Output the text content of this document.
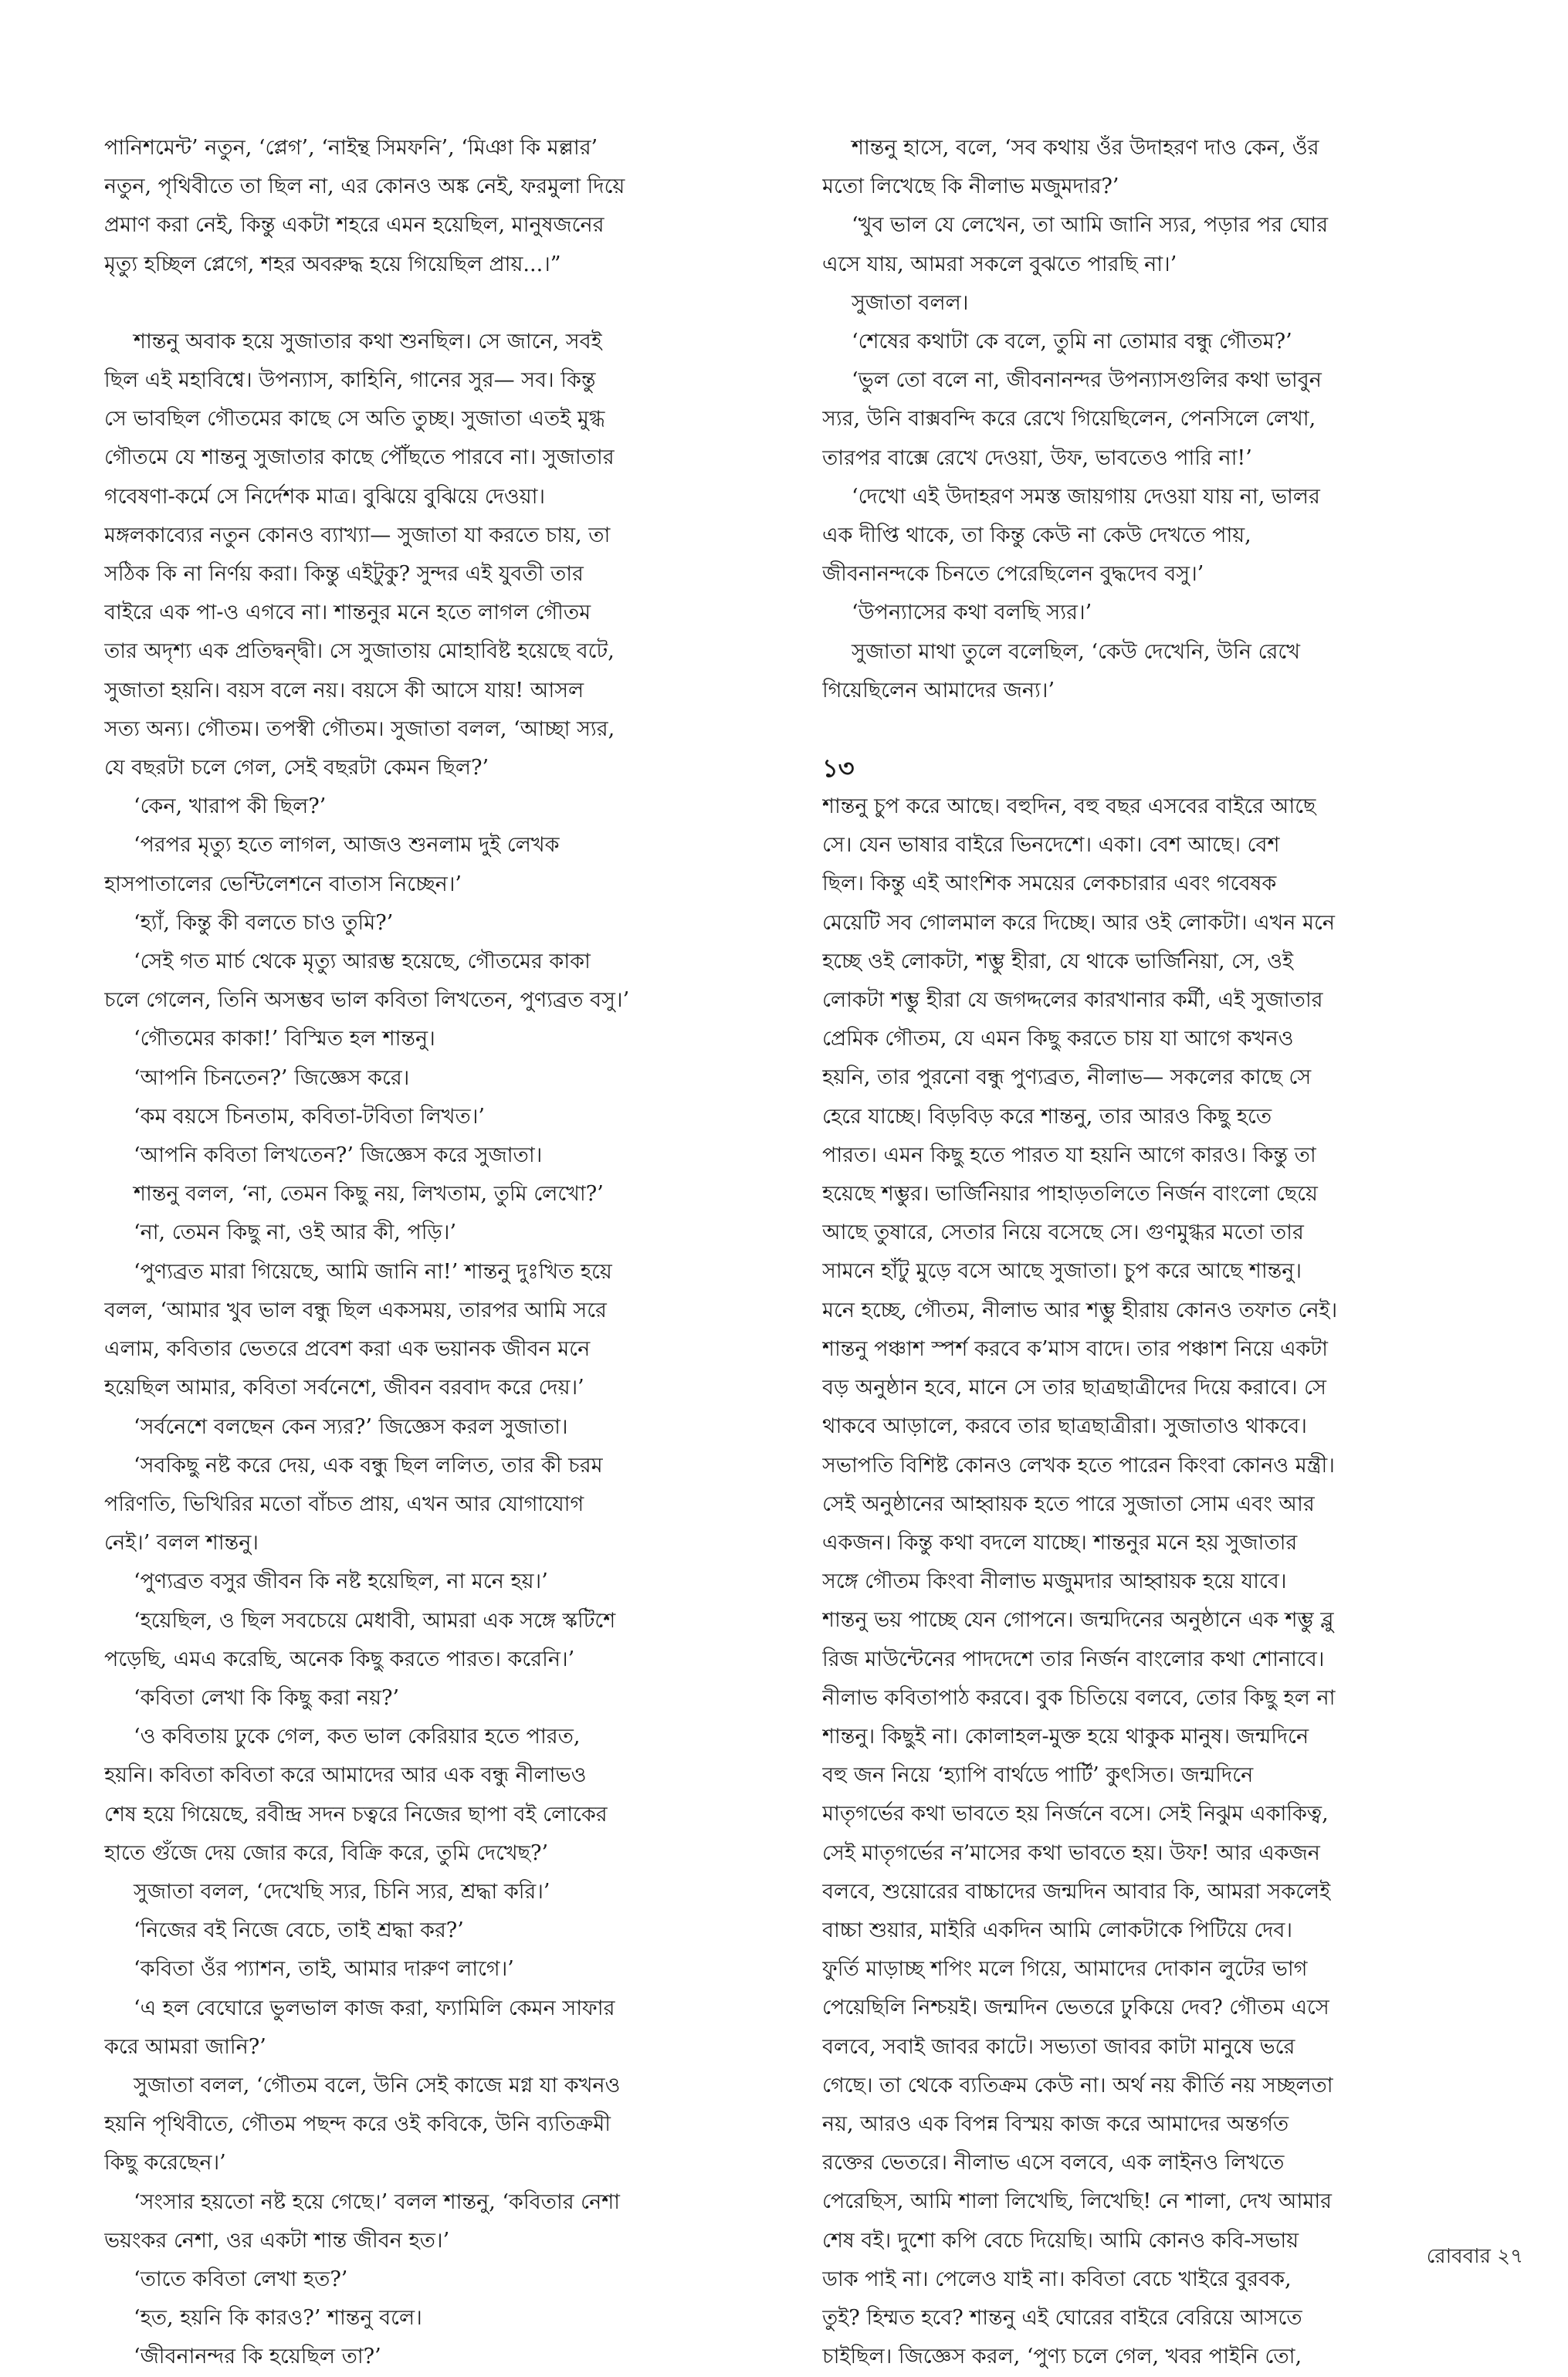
পানিশমেন্ট’ নতুন, ‘প্লেগ’, ‘নাইন্থ সিমফনি’, ‘মিঞা কি মল্লার’

নতুন, পৃথিবীতে তা ছিল না, এর কোনও অঙ্ক নেই, ফরমুলা দিয়ে

প্রমাণ করা নেই, কিন্তু একটা শহরে এমন হয়েছিল, মানুষজনের

মৃত্যু হচ্ছিল প্লেগে, শহর অবরুদ্ধ হয়ে গিয়েছিল প্রায়...।”

শান্তনু অবাক হয়ে সুজাতার কথা শুনছিল। সে জানে, সবই

ছিল এই মহাবিশ্বে। উপন্যাস, কাহিনি, গানের সুর— সব। কিন্তু

সে ভাবছিল গৌতমের কাছে সে অতি তুচ্ছ। সুজাতা এতই মুগ্ধ

গৌতমে যে শান্তনু সুজাতার কাছে পৌঁছতে পারবে না। সুজাতার

গবেষণা-কর্মে সে নির্দেশক মাত্র। বুঝিয়ে বুঝিয়ে দেওয়া।

মঙ্গলকাব্যের নতুন কোনও ব্যাখ্যা— সুজাতা যা করতে চায়, তা

সঠিক কি না নির্ণয় করা। কিন্তু এইটুকু? সুন্দর এই যুবতী তার

বাইরে এক পা-ও এগবে না। শান্তনুর মনে হতে লাগল গৌতম

তার অদৃশ্য এক প্রতিদ্বন্দ্বী। সে সুজাতায় মোহাবিষ্ট হয়েছে বটে,

সুজাতা হয়নি। বয়স বলে নয়। বয়সে কী আসে যায়! আসল

সত্য অন্য। গৌতম। তপস্বী গৌতম। সুজাতা বলল, ‘আচ্ছা স্যর,

যে বছরটা চলে গেল, সেই বছরটা কেমন ছিল?’

‘কেন, খারাপ কী ছিল?’

‘পরপর মৃত্যু হতে লাগল, আজও শুনলাম দুই লেখক

হাসপাতালের ভেন্টিলেশনে বাতাস নিচ্ছেন।’

‘হ্যাঁ, কিন্তু কী বলতে চাও তুমি?’

‘সেই গত মার্চ থেকে মৃত্যু আরম্ভ হয়েছে, গৌতমের কাকা

চলে গেলেন, তিনি অসম্ভব ভাল কবিতা লিখতেন, পুণ্যব্রত বসু।’

‘গৌতমের কাকা!’ বিস্মিত হল শান্তনু।

‘আপনি চিনতেন?’ জিজ্ঞেস করে।

‘কম বয়সে চিনতাম, কবিতা-টবিতা লিখত।’

‘আপনি কবিতা লিখতেন?’ জিজ্ঞেস করে সুজাতা।

শান্তনু বলল, ‘না, তেমন কিছু নয়, লিখতাম, তুমি লেখো?’

‘না, তেমন কিছু না, ওই আর কী, পড়ি।’

‘পুণ্যব্রত মারা গিয়েছে, আমি জানি না!’ শান্তনু দুঃখিত হয়ে

বলল, ‘আমার খুব ভাল বন্ধু ছিল একসময়, তারপর আমি সরে

এলাম, কবিতার ভেতরে প্রবেশ করা এক ভয়ানক জীবন মনে

হয়েছিল আমার, কবিতা সর্বনেশে, জীবন বরবাদ করে দেয়।’

‘সর্বনেশে বলছেন কেন স্যর?’ জিজ্ঞেস করল সুজাতা।

‘সবকিছু নষ্ট করে দেয়, এক বন্ধু ছিল ললিত, তার কী চরম

পরিণতি, ভিখিরির মতো বাঁচত প্রায়, এখন আর যোগাযোগ

নেই।’ বলল শান্তনু।

‘পুণ্যব্রত বসুর জীবন কি নষ্ট হয়েছিল, না মনে হয়।’

‘হয়েছিল, ও ছিল সবচেয়ে মেধাবী, আমরা এক সঙ্গে স্কটিশে

পড়েছি, এমএ করেছি, অনেক কিছু করতে পারত। করেনি।’

‘কবিতা লেখা কি কিছু করা নয়?’

‘ও কবিতায় ঢুকে গেল, কত ভাল কেরিয়ার হতে পারত,

হয়নি। কবিতা কবিতা করে আমাদের আর এক বন্ধু নীলাভও

শেষ হয়ে গিয়েছে, রবীন্দ্র সদন চত্বরে নিজের ছাপা বই লোকের

হাতে গুঁজে দেয় জোর করে, বিক্রি করে, তুমি দেখেছ?’

সুজাতা বলল, ‘দেখেছি স্যর, চিনি স্যর, শ্রদ্ধা করি।’

‘নিজের বই নিজে বেচে, তাই শ্রদ্ধা কর?’

‘কবিতা ওঁর প্যাশন, তাই, আমার দারুণ লাগে।’

‘এ হল বেঘোরে ভুলভাল কাজ করা, ফ্যামিলি কেমন সাফার

করে আমরা জানি?’

সুজাতা বলল, ‘গৌতম বলে, উনি সেই কাজে মগ্ন যা কখনও

হয়নি পৃথিবীতে, গৌতম পছন্দ করে ওই কবিকে, উনি ব্যতিক্রমী

কিছু করেছেন।’

‘সংসার হয়তো নষ্ট হয়ে গেছে।’ বলল শান্তনু, ‘কবিতার নেশা

ভয়ংকর নেশা, ওর একটা শান্ত জীবন হত।’

‘তাতে কবিতা লেখা হত?’

‘হত, হয়নি কি কারও?’ শান্তনু বলে।

‘জীবনানন্দর কি হয়েছিল তা?’

শান্তনু হাসে, বলে, ‘সব কথায় ওঁর উদাহরণ দাও কেন, ওঁর

মতো লিখেছে কি নীলাভ মজুমদার?’

‘খুব ভাল যে লেখেন, তা আমি জানি স্যর, পড়ার পর ঘোর

এসে যায়, আমরা সকলে বুঝতে পারছি না।’

সুজাতা বলল।

‘শেষের কথাটা কে বলে, তুমি না তোমার বন্ধু গৌতম?’

‘ভুল তো বলে না, জীবনানন্দর উপন্যাসগুলির কথা ভাবুন

স্যর, উনি বাক্সবন্দি করে রেখে গিয়েছিলেন, পেনসিলে লেখা,

তারপর বাক্সে রেখে দেওয়া, উফ, ভাবতেও পারি না!’

‘দেখো এই উদাহরণ সমস্ত জায়গায় দেওয়া যায় না, ভালর

এক দীপ্তি থাকে, তা কিন্তু কেউ না কেউ দেখতে পায়,

জীবনানন্দকে চিনতে পেরেছিলেন বুদ্ধদেব বসু।’

‘উপন্যাসের কথা বলছি স্যর।’

সুজাতা মাথা তুলে বলেছিল, ‘কেউ দেখেনি, উনি রেখে

গিয়েছিলেন আমাদের জন্য।’

১৩

শান্তনু চুপ করে আছে। বহুদিন, বহু বছর এসবের বাইরে আছে

সে। যেন ভাষার বাইরে ভিনদেশে। একা। বেশ আছে। বেশ

ছিল। কিন্তু এই আংশিক সময়ের লেকচারার এবং গবেষক

মেয়েটি সব গোলমাল করে দিচ্ছে। আর ওই লোকটা। এখন মনে

হচ্ছে ওই লোকটা, শম্ভু হীরা, যে থাকে ভার্জিনিয়া, সে, ওই

লোকটা শম্ভু হীরা যে জগদ্দলের কারখানার কর্মী, এই সুজাতার

প্রেমিক গৌতম, যে এমন কিছু করতে চায় যা আগে কখনও

হয়নি, তার পুরনো বন্ধু পুণ্যব্রত, নীলাভ— সকলের কাছে সে

হেরে যাচ্ছে। বিড়বিড় করে শান্তনু, তার আরও কিছু হতে

পারত। এমন কিছু হতে পারত যা হয়নি আগে কারও। কিন্তু তা

হয়েছে শম্ভুর। ভার্জিনিয়ার পাহাড়তলিতে নির্জন বাংলো ছেয়ে

আছে তুষারে, সেতার নিয়ে বসেছে সে। গুণমুগ্ধর মতো তার

সামনে হাঁটু মুড়ে বসে আছে সুজাতা। চুপ করে আছে শান্তনু।

মনে হচ্ছে, গৌতম, নীলাভ আর শম্ভু হীরায় কোনও তফাত নেই।

শান্তনু পঞ্চাশ স্পর্শ করবে ক’মাস বাদে। তার পঞ্চাশ নিয়ে একটা

বড় অনুষ্ঠান হবে, মানে সে তার ছাত্রছাত্রীদের দিয়ে করাবে। সে

থাকবে আড়ালে, করবে তার ছাত্রছাত্রীরা। সুজাতাও থাকবে।

সভাপতি বিশিষ্ট কোনও লেখক হতে পারেন কিংবা কোনও মন্ত্রী।

সেই অনুষ্ঠানের আহ্বায়ক হতে পারে সুজাতা সোম এবং আর

একজন। কিন্তু কথা বদলে যাচ্ছে। শান্তনুর মনে হয় সুজাতার

সঙ্গে গৌতম কিংবা নীলাভ মজুমদার আহ্বায়ক হয়ে যাবে।

শান্তনু ভয় পাচ্ছে যেন গোপনে। জন্মদিনের অনুষ্ঠানে এক শম্ভু ব্লু

রিজ মাউন্টেনের পাদদেশে তার নির্জন বাংলোর কথা শোনাবে।

নীলাভ কবিতাপাঠ করবে। বুক চিতিয়ে বলবে, তোর কিছু হল না

শান্তনু। কিছুই না। কোলাহল-মুক্ত হয়ে থাকুক মানুষ। জন্মদিনে

বহু জন নিয়ে ‘হ্যাপি বার্থডে পার্টি’ কুৎসিত। জন্মদিনে

মাতৃগর্ভের কথা ভাবতে হয় নির্জনে বসে। সেই নিঝুম একাকিত্ব,

সেই মাতৃগর্ভের ন’মাসের কথা ভাবতে হয়। উফ! আর একজন

বলবে, শুয়োরের বাচ্চাদের জন্মদিন আবার কি, আমরা সকলেই

বাচ্চা শুয়ার, মাইরি একদিন আমি লোকটাকে পিটিয়ে দেব।

ফুর্তি মাড়াচ্ছ শপিং মলে গিয়ে, আমাদের দোকান লুটের ভাগ

পেয়েছিলি নিশ্চয়ই। জন্মদিন ভেতরে ঢুকিয়ে দেব? গৌতম এসে

বলবে, সবাই জাবর কাটে। সভ্যতা জাবর কাটা মানুষে ভরে

গেছে। তা থেকে ব্যতিক্রম কেউ না। অর্থ নয় কীর্তি নয় সচ্ছলতা

নয়, আরও এক বিপন্ন বিস্ময় কাজ করে আমাদের অন্তর্গত

রক্তের ভেতরে। নীলাভ এসে বলবে, এক লাইনও লিখতে

পেরেছিস, আমি শালা লিখেছি, লিখেছি! নে শালা, দেখ আমার

শেষ বই। দুশো কপি বেচে দিয়েছি। আমি কোনও কবি-সভায়

ডাক পাই না। পেলেও যাই না। কবিতা বেচে খাইরে বুরবক,

তুই? হিম্মত হবে? শান্তনু এই ঘোরের বাইরে বেরিয়ে আসতে

চাইছিল। জিজ্ঞেস করল, ‘পুণ্য চলে গেল, খবর পাইনি তো,

রোববার ২৭
